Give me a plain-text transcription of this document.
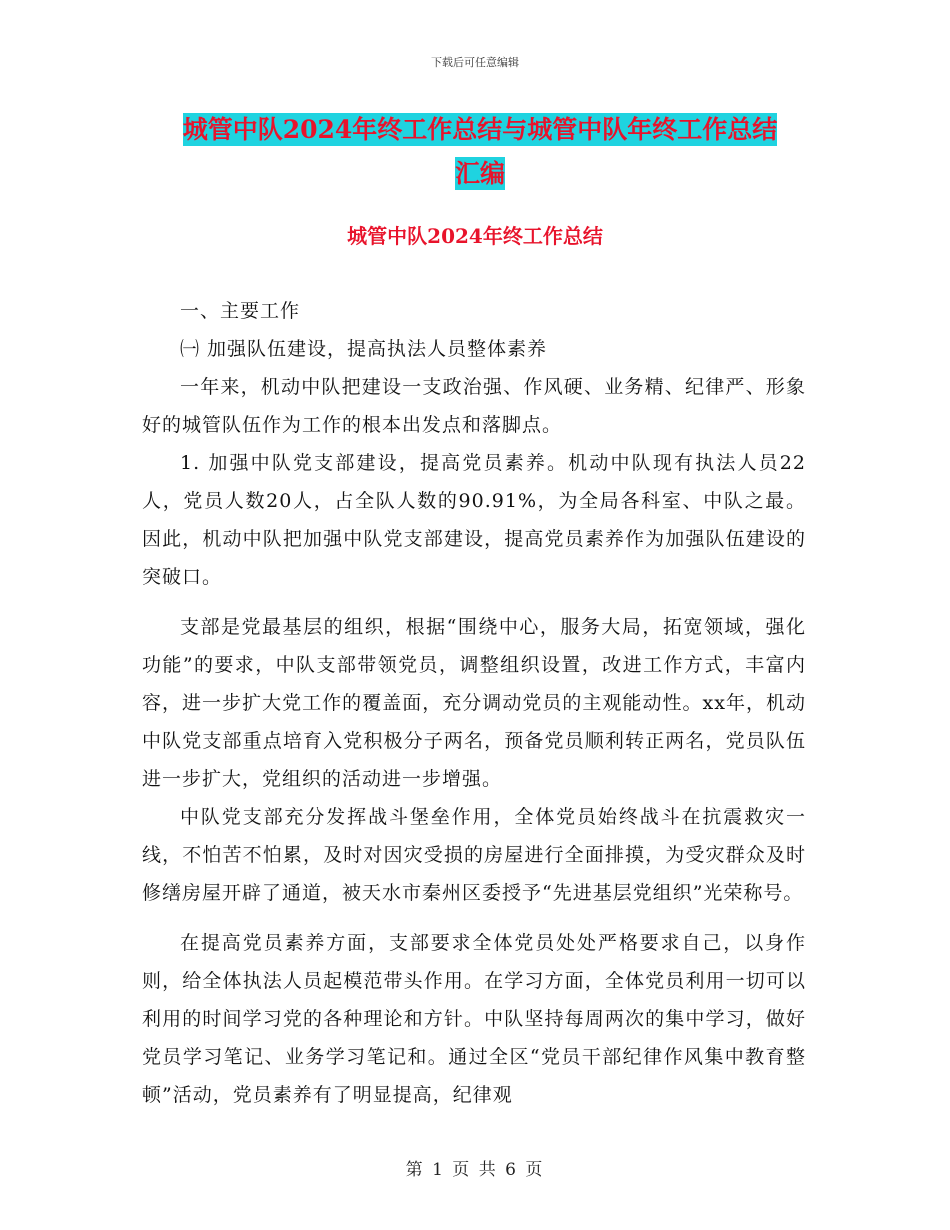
下载后可任意编辑
城管中队2024年终工作总结与城管中队年终工作总结
汇编
城管中队2024年终工作总结

一、主要工作

㈠ 加强队伍建设，提高执法人员整体素养

一年来，机动中队把建设一支政治强、作风硬、业务精、纪律严、形象好的城管队伍作为工作的根本出发点和落脚点。

1. 加强中队党支部建设，提高党员素养。机动中队现有执法人员22人，党员人数20人，占全队人数的90.91%，为全局各科室、中队之最。因此，机动中队把加强中队党支部建设，提高党员素养作为加强队伍建设的突破口。

支部是党最基层的组织，根据“围绕中心，服务大局，拓宽领域，强化功能”的要求，中队支部带领党员，调整组织设置，改进工作方式，丰富内容，进一步扩大党工作的覆盖面，充分调动党员的主观能动性。xx年，机动中队党支部重点培育入党积极分子两名，预备党员顺利转正两名，党员队伍进一步扩大，党组织的活动进一步增强。

中队党支部充分发挥战斗堡垒作用，全体党员始终战斗在抗震救灾一线，不怕苦不怕累，及时对因灾受损的房屋进行全面排摸，为受灾群众及时修缮房屋开辟了通道，被天水市秦州区委授予“先进基层党组织”光荣称号。

在提高党员素养方面，支部要求全体党员处处严格要求自己，以身作则，给全体执法人员起模范带头作用。在学习方面，全体党员利用一切可以利用的时间学习党的各种理论和方针。中队坚持每周两次的集中学习，做好党员学习笔记、业务学习笔记和。通过全区“党员干部纪律作风集中教育整顿”活动，党员素养有了明显提高，纪律观

第 1 页 共 6 页
